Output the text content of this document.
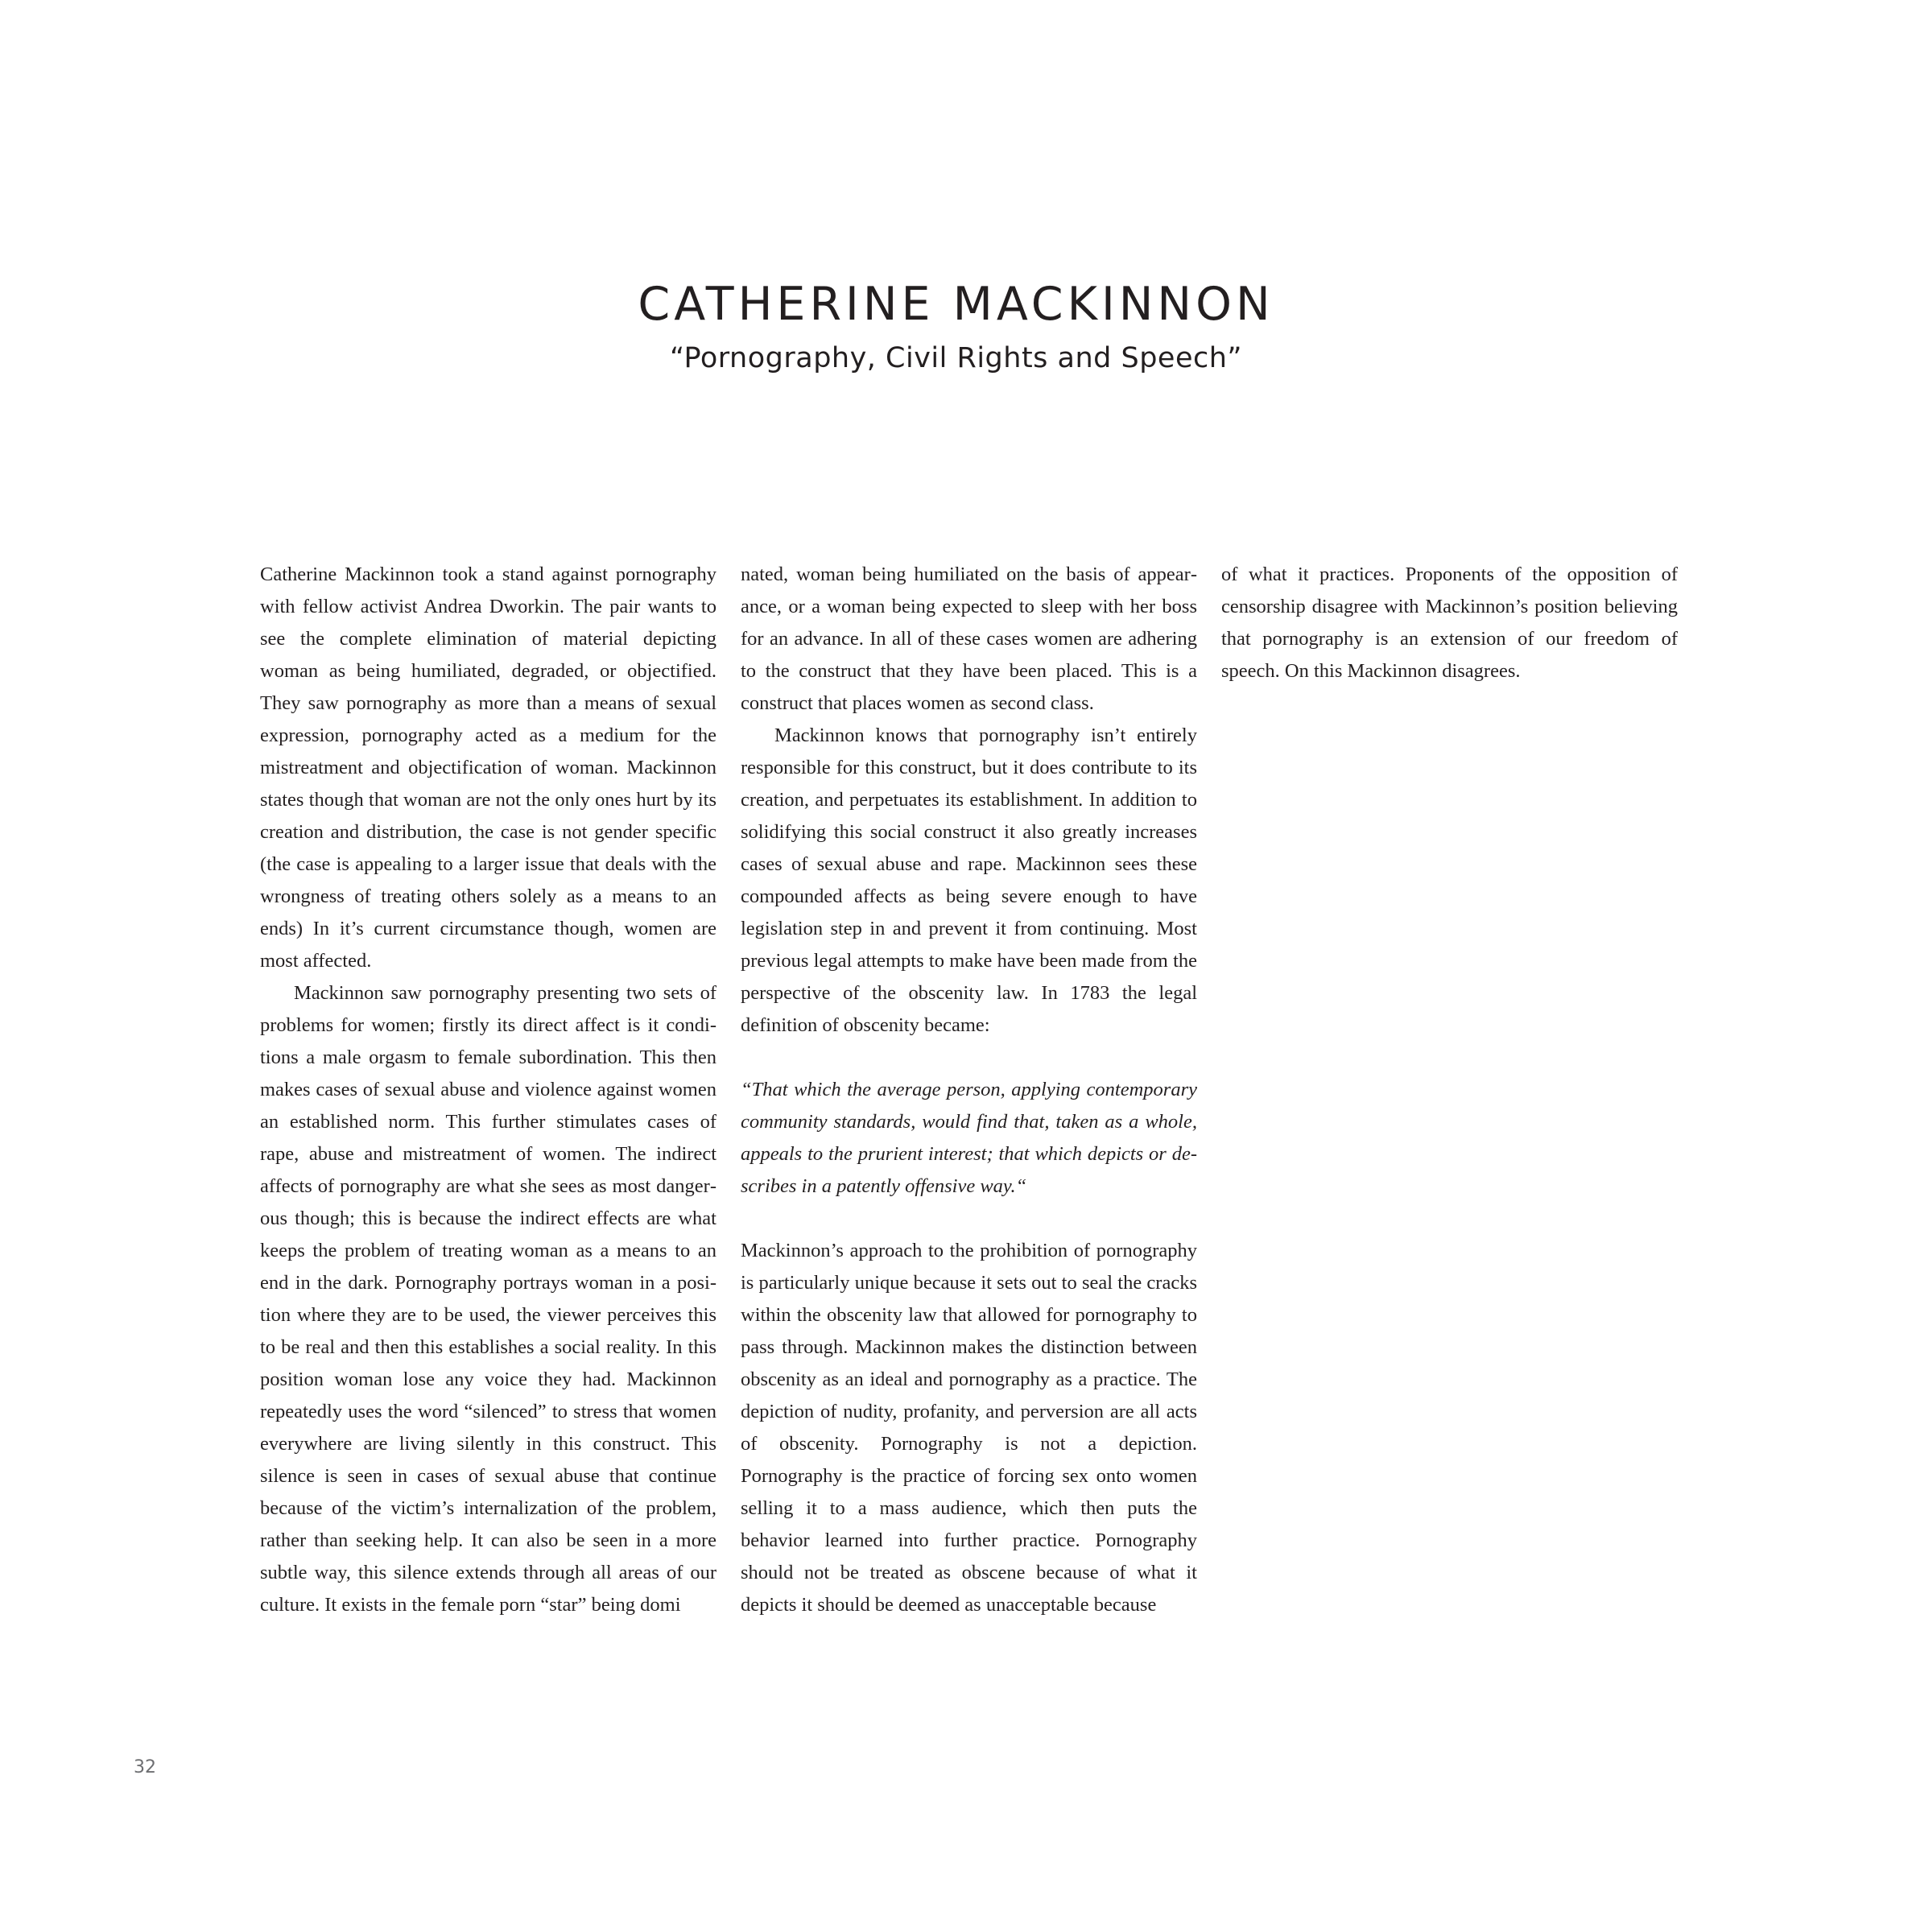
CATHERINE MACKINNON
“Pornography, Civil Rights and Speech”

Catherine Mackinnon took a stand against pornography with fellow activist Andrea Dworkin. The pair wants to see the complete elimination of material depicting woman as being humiliated, degraded, or objectified. They saw pornography as more than a means of sexual expression, pornography acted as a medium for the mistreatment and objectification of woman. Mackinnon states though that woman are not the only ones hurt by its creation and distribution, the case is not gender specific (the case is appealing to a larger issue that deals with the wrongness of treating others solely as a means to an ends) In it’s current circumstance though, women are most affected.

Mackinnon saw pornography presenting two sets of problems for women; firstly its direct affect is it conditions a male orgasm to female subordination. This then makes cases of sexual abuse and violence against women an established norm. This further stimulates cases of rape, abuse and mistreatment of women. The indirect affects of pornography are what she sees as most dangerous though; this is because the indirect effects are what keeps the problem of treating woman as a means to an end in the dark. Pornography portrays woman in a position where they are to be used, the viewer perceives this to be real and then this establishes a social reality. In this position woman lose any voice they had. Mackinnon repeatedly uses the word “silenced” to stress that women everywhere are living silently in this construct. This silence is seen in cases of sexual abuse that continue because of the victim’s internalization of the problem, rather than seeking help. It can also be seen in a more subtle way, this silence extends through all areas of our culture. It exists in the female porn “star” being domi

nated, woman being humiliated on the basis of appearance, or a woman being expected to sleep with her boss for an advance. In all of these cases women are adhering to the construct that they have been placed. This is a construct that places women as second class.

Mackinnon knows that pornography isn’t entirely responsible for this construct, but it does contribute to its creation, and perpetuates its establishment. In addition to solidifying this social construct it also greatly increases cases of sexual abuse and rape. Mackinnon sees these compounded affects as being severe enough to have legislation step in and prevent it from continuing. Most previous legal attempts to make have been made from the perspective of the obscenity law. In 1783 the legal definition of obscenity became:

“That which the average person, applying contemporary community standards, would find that, taken as a whole, appeals to the prurient interest; that which depicts or describes in a patently offensive way.“

Mackinnon’s approach to the prohibition of pornography is particularly unique because it sets out to seal the cracks within the obscenity law that allowed for pornography to pass through. Mackinnon makes the distinction between obscenity as an ideal and pornography as a practice. The depiction of nudity, profanity, and perversion are all acts of obscenity. Pornography is not a depiction. Pornography is the practice of forcing sex onto women selling it to a mass audience, which then puts the behavior learned into further practice. Pornography should not be treated as obscene because of what it depicts it should be deemed as unacceptable because

of what it practices. Proponents of the opposition of censorship disagree with Mackinnon’s position believing that pornography is an extension of our freedom of speech. On this Mackinnon disagrees.

32
